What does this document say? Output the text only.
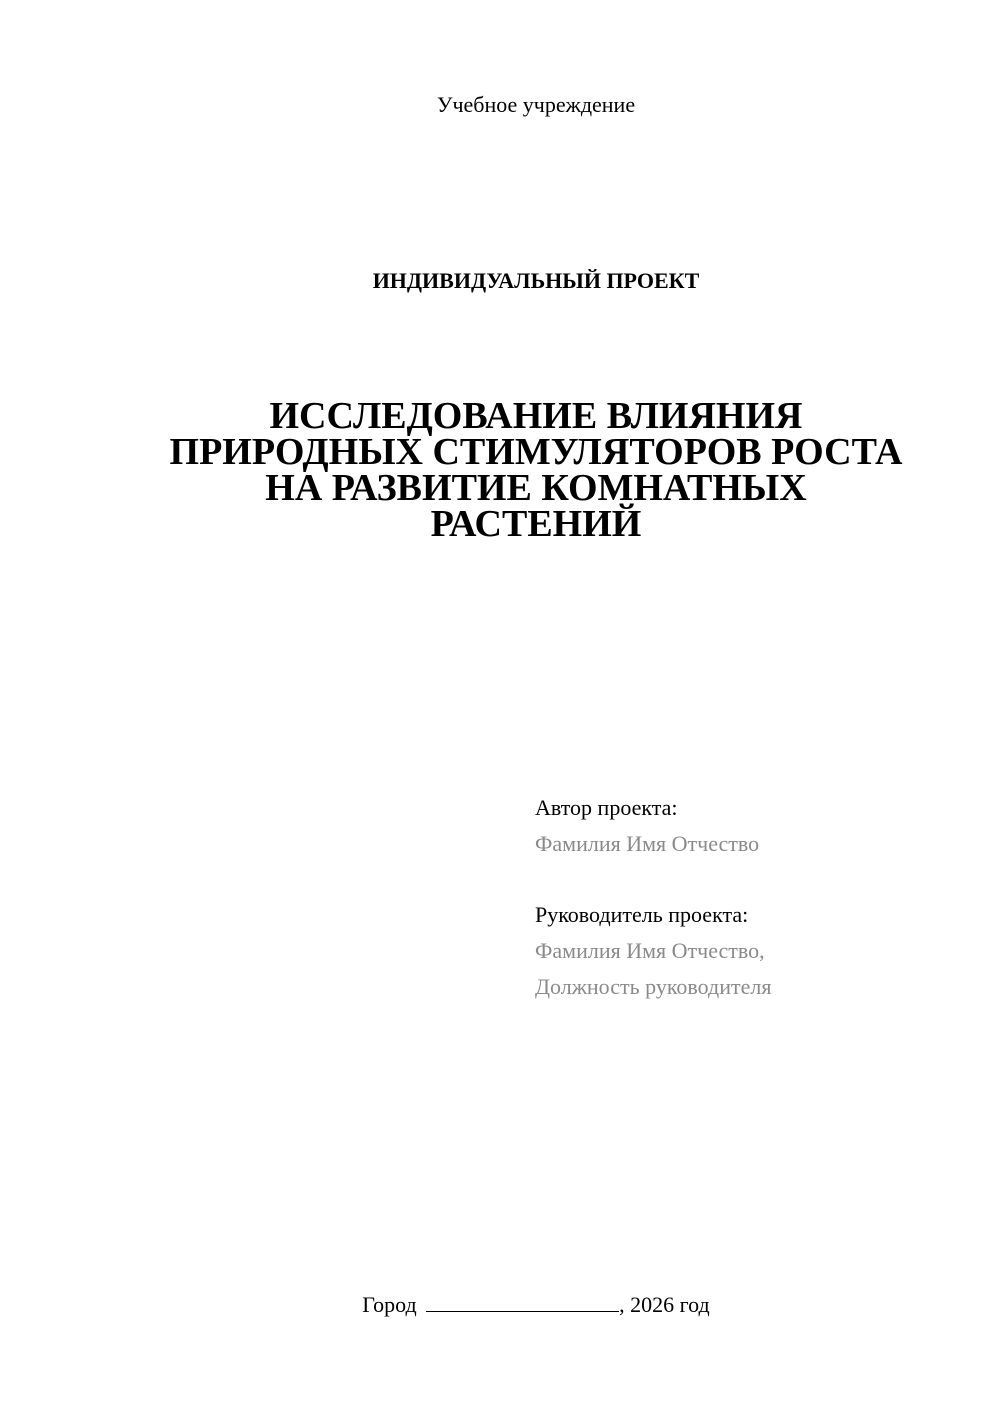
Учебное учреждение
ИНДИВИДУАЛЬНЫЙ ПРОЕКТ
ИССЛЕДОВАНИЕ ВЛИЯНИЯ
ПРИРОДНЫХ СТИМУЛЯТОРОВ РОСТА
НА РАЗВИТИЕ КОМНАТНЫХ
РАСТЕНИЙ
Автор проекта:
Фамилия Имя Отчество
Руководитель проекта:
Фамилия Имя Отчество,
Должность руководителя
Город	, 2026 год
